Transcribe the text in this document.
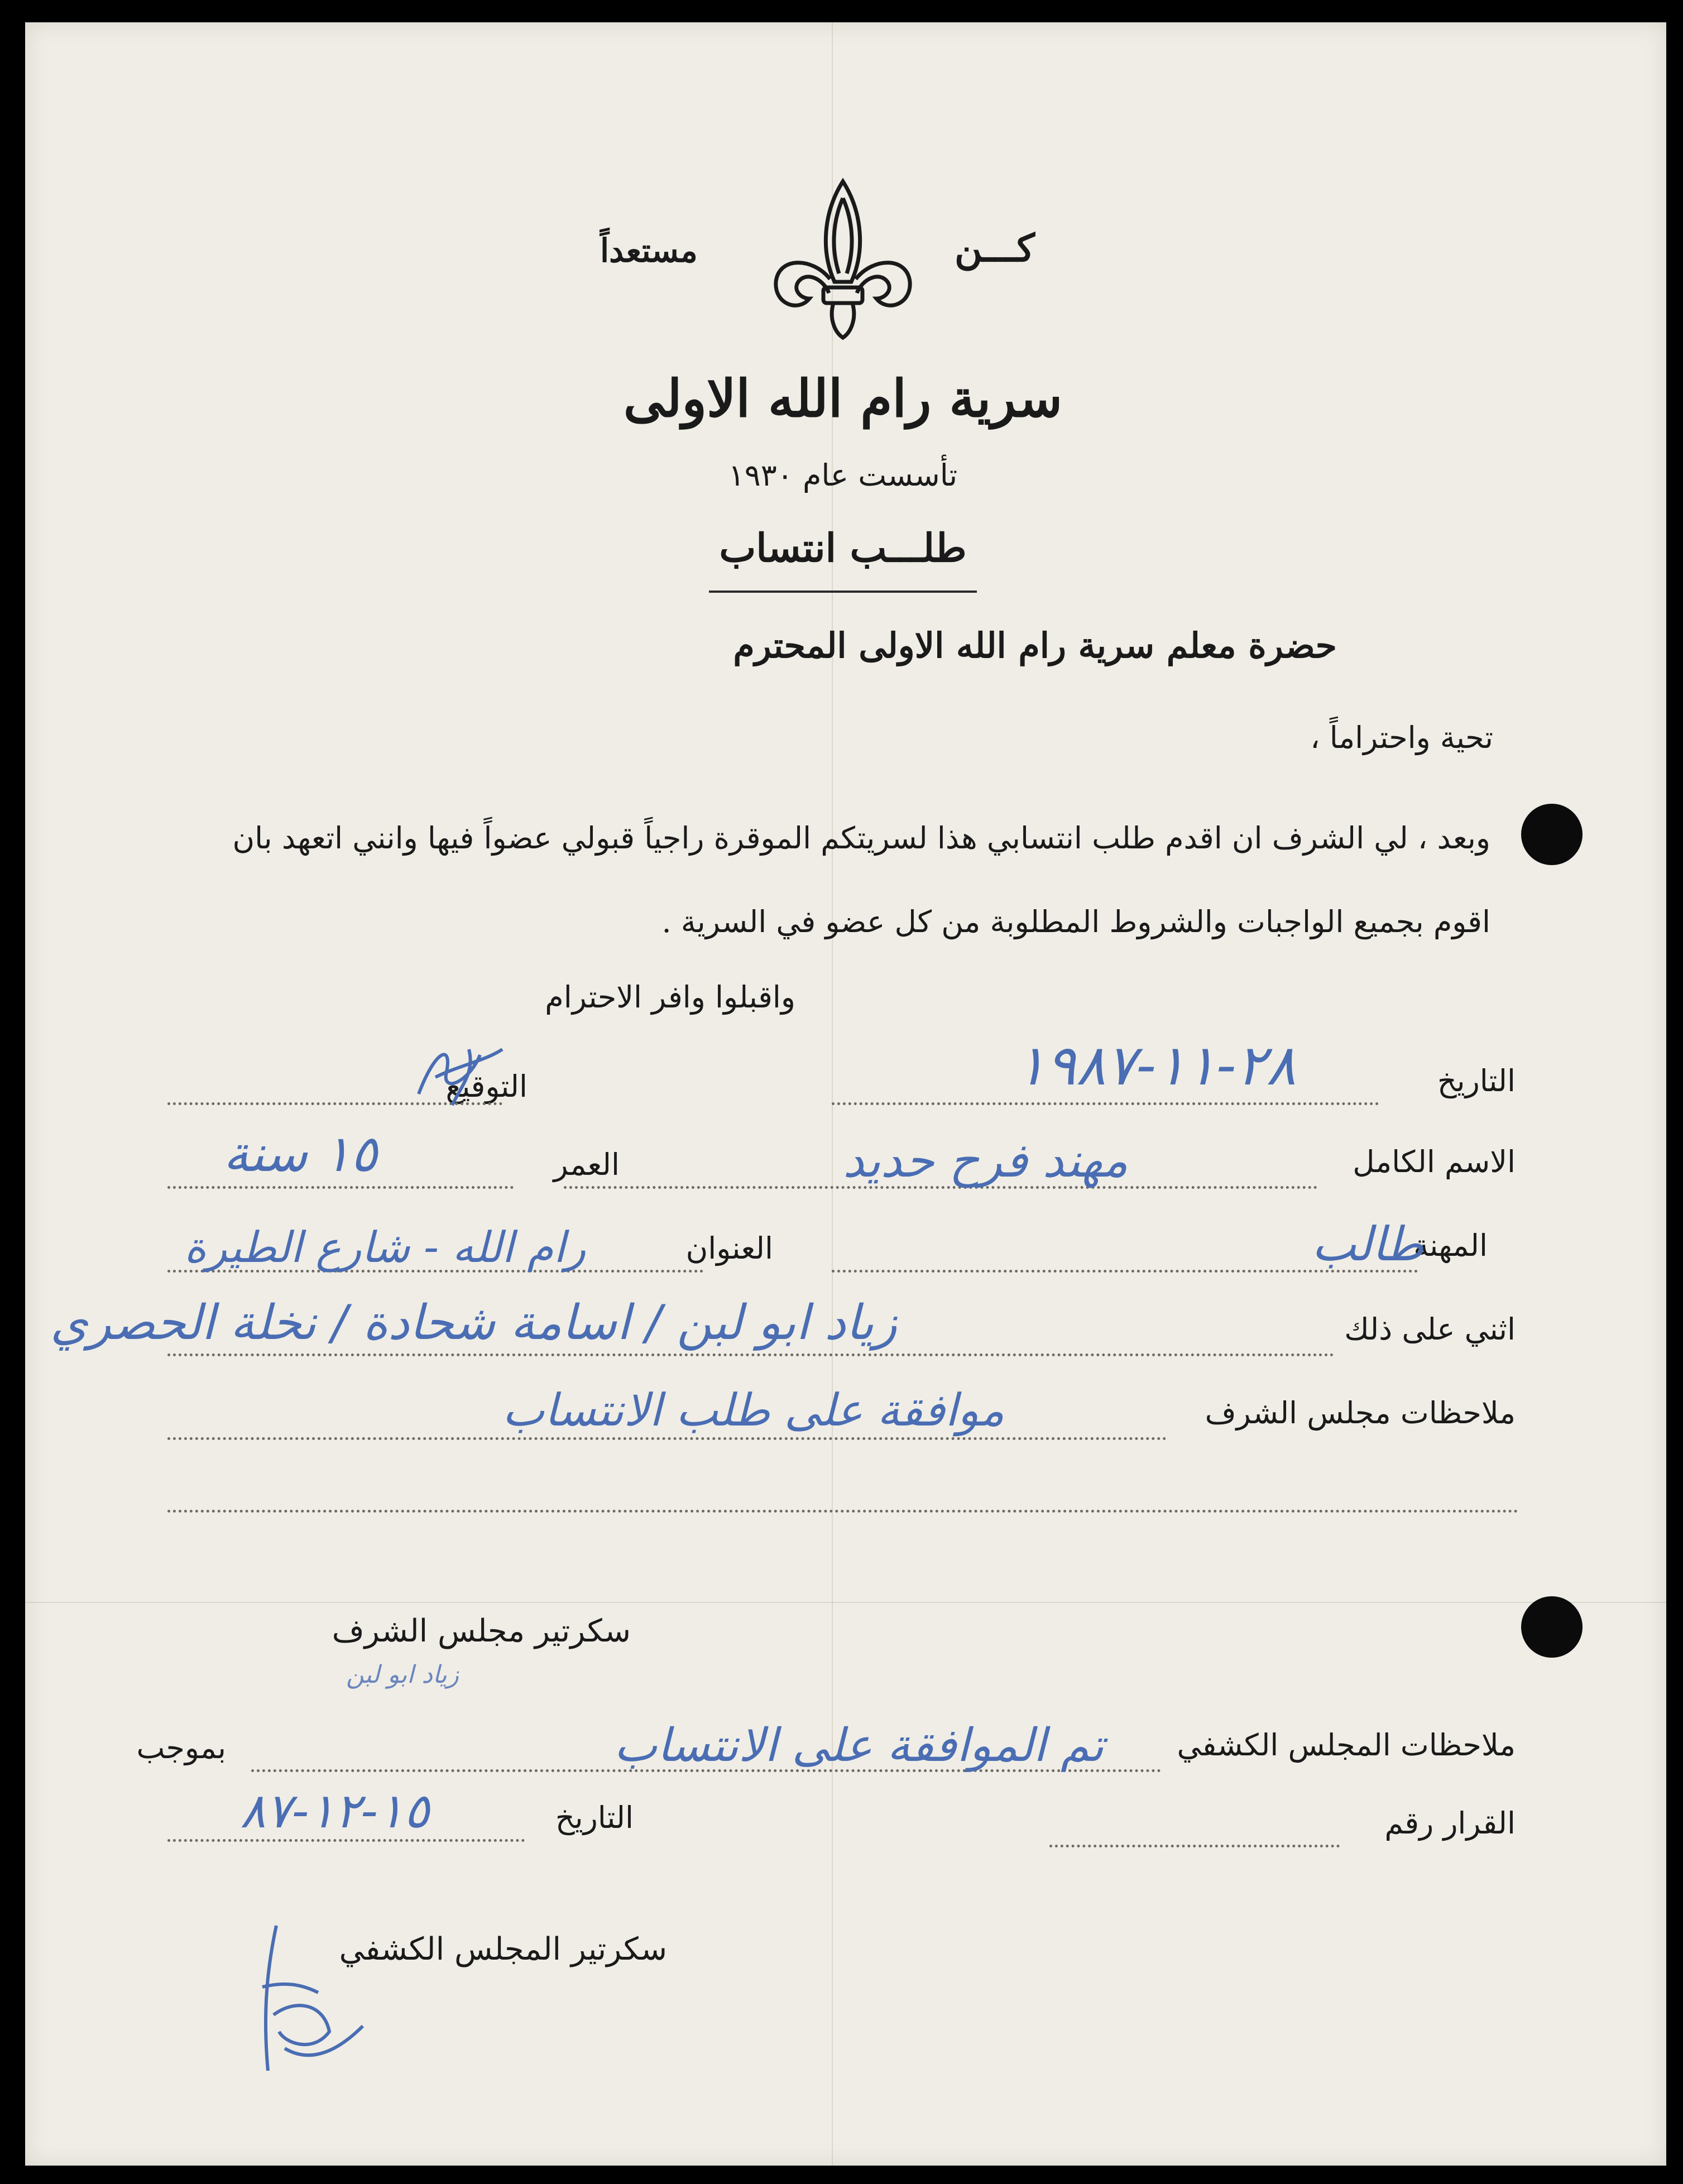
كـــن
مستعداً
سرية رام الله الاولى
تأسست عام ١٩٣٠
طلـــب انتساب
حضرة معلم سرية رام الله الاولى المحترم
تحية واحتراماً ،
وبعد ، لي الشرف ان اقدم طلب انتسابي هذا لسريتكم الموقرة راجياً قبولي عضواً فيها وانني اتعهد بان
اقوم بجميع الواجبات والشروط المطلوبة من كل عضو في السرية .
واقبلوا وافر الاحترام
التاريخ
٢٨-١١-١٩٨٧
التوقيع
الاسم الكامل
مهند فرح حديد
العمر
١٥ سنة
المهنة
طالب
العنوان
رام الله - شارع الطيرة
اثني على ذلك
زياد ابو لبن / اسامة شحادة / نخلة الحصري
ملاحظات مجلس الشرف
موافقة على طلب الانتساب
سكرتير مجلس الشرف
زياد ابو لبن
ملاحظات المجلس الكشفي
تم الموافقة على الانتساب
بموجب
القرار رقم
التاريخ
١٥-١٢-٨٧
سكرتير المجلس الكشفي
